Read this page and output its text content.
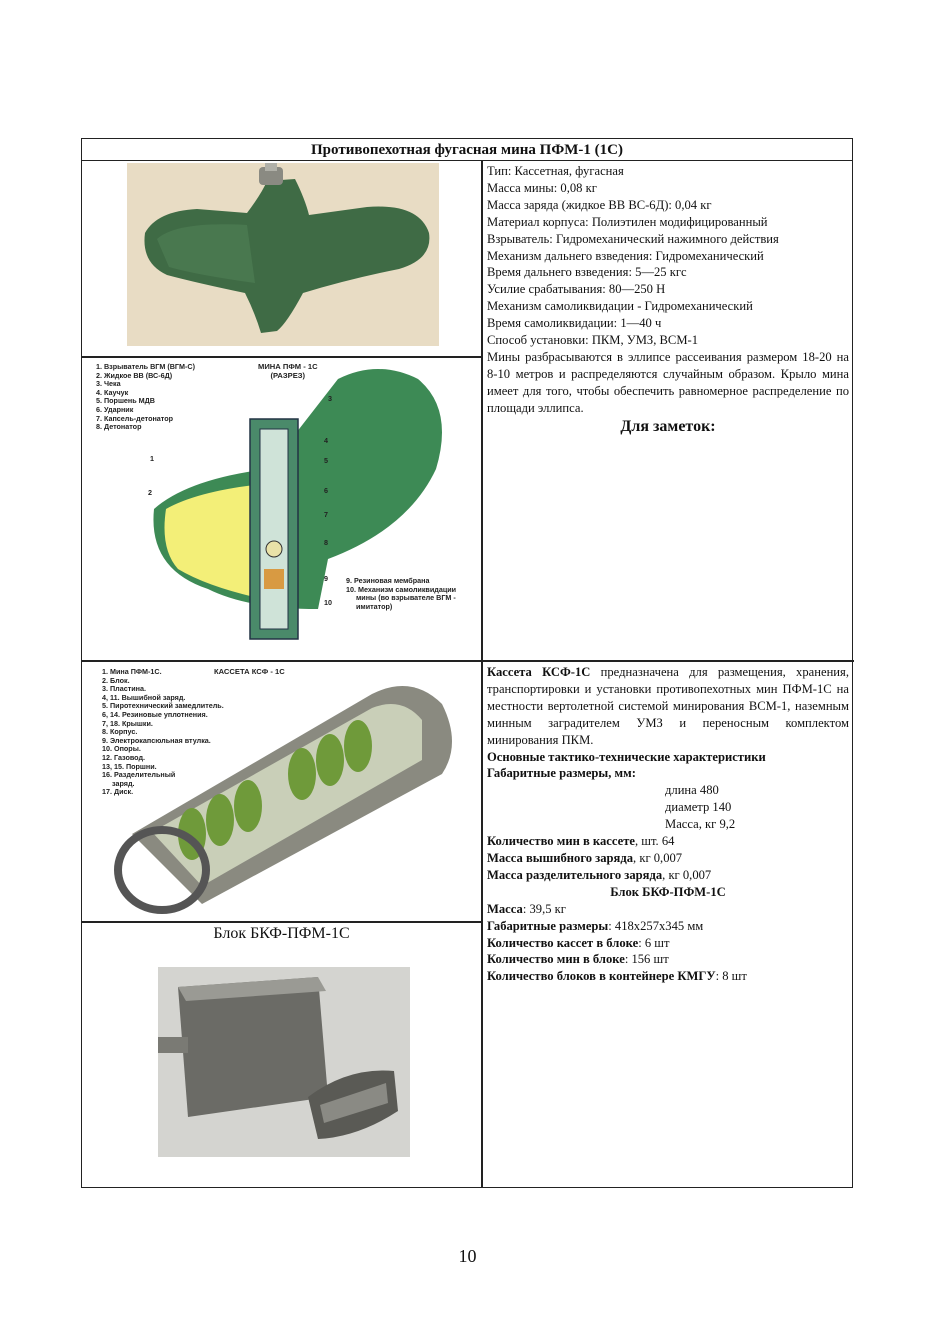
Противопехотная фугасная мина ПФМ-1 (1С)
1. Взрыватель ВГМ (ВГМ-С)
2. Жидкое ВВ (ВС-6Д)
3. Чека
4. Каучук
5. Поршень МДВ
6. Ударник
7. Капсель-детонатор
8. Детонатор
МИНА ПФМ - 1С
(РАЗРЕЗ)
9. Резиновая мембрана
10. Механизм самоликвидации
мины (во взрывателе ВГМ -
имитатор)
1
2
3
4
5
6
7
8
9
10
1. Мина ПФМ-1С.
2. Блок.
3. Пластина.
4, 11. Вышибной заряд.
5. Пиротехнический замедлитель.
6, 14. Резиновые уплотнения.
7, 18. Крышки.
8. Корпус.
9. Электрокапсюльная втулка.
10. Опоры.
12. Газовод.
13, 15. Поршни.
16. Разделительный
заряд.
17. Диск.
КАССЕТА КСФ - 1С
Блок БКФ-ПФМ-1С
Тип: Кассетная, фугасная
Масса мины: 0,08 кг
Масса заряда (жидкое ВВ ВС-6Д): 0,04 кг
Материал корпуса: Полиэтилен модифицированный
Взрыватель: Гидромеханический нажимного действия
Механизм дальнего взведения: Гидромеханический
Время дальнего взведения: 5—25 кгс
Усилие срабатывания: 80—250 Н
Механизм самоликвидации - Гидромеханический
Время самоликвидации: 1—40 ч
Способ установки: ПКМ, УМЗ, ВСМ-1
Мины разбрасываются в эллипсе рассеивания размером 18-20 на 8-10 метров и распределяются случайным образом. Крыло мина имеет для того, чтобы обеспечить равномерное распределение по площади эллипса.
Для заметок:
Кассета КСФ-1С предназначена для размещения, хранения, транспортировки и установки противопехотных мин ПФМ-1С на местности вертолетной системой минирования ВСМ-1, наземным минным заградителем УМЗ и переносным комплектом минирования ПКМ.
Основные тактико-технические характеристики
Габаритные размеры, мм:
длина 480
диаметр 140
Масса, кг 9,2
Количество мин в кассете, шт. 64
Масса вышибного заряда, кг 0,007
Масса разделительного заряда, кг 0,007
Блок БКФ-ПФМ-1С
Масса: 39,5 кг
Габаритные размеры: 418х257х345 мм
Количество кассет в блоке: 6 шт
Количество мин в блоке: 156 шт
Количество блоков в контейнере КМГУ: 8 шт
10
